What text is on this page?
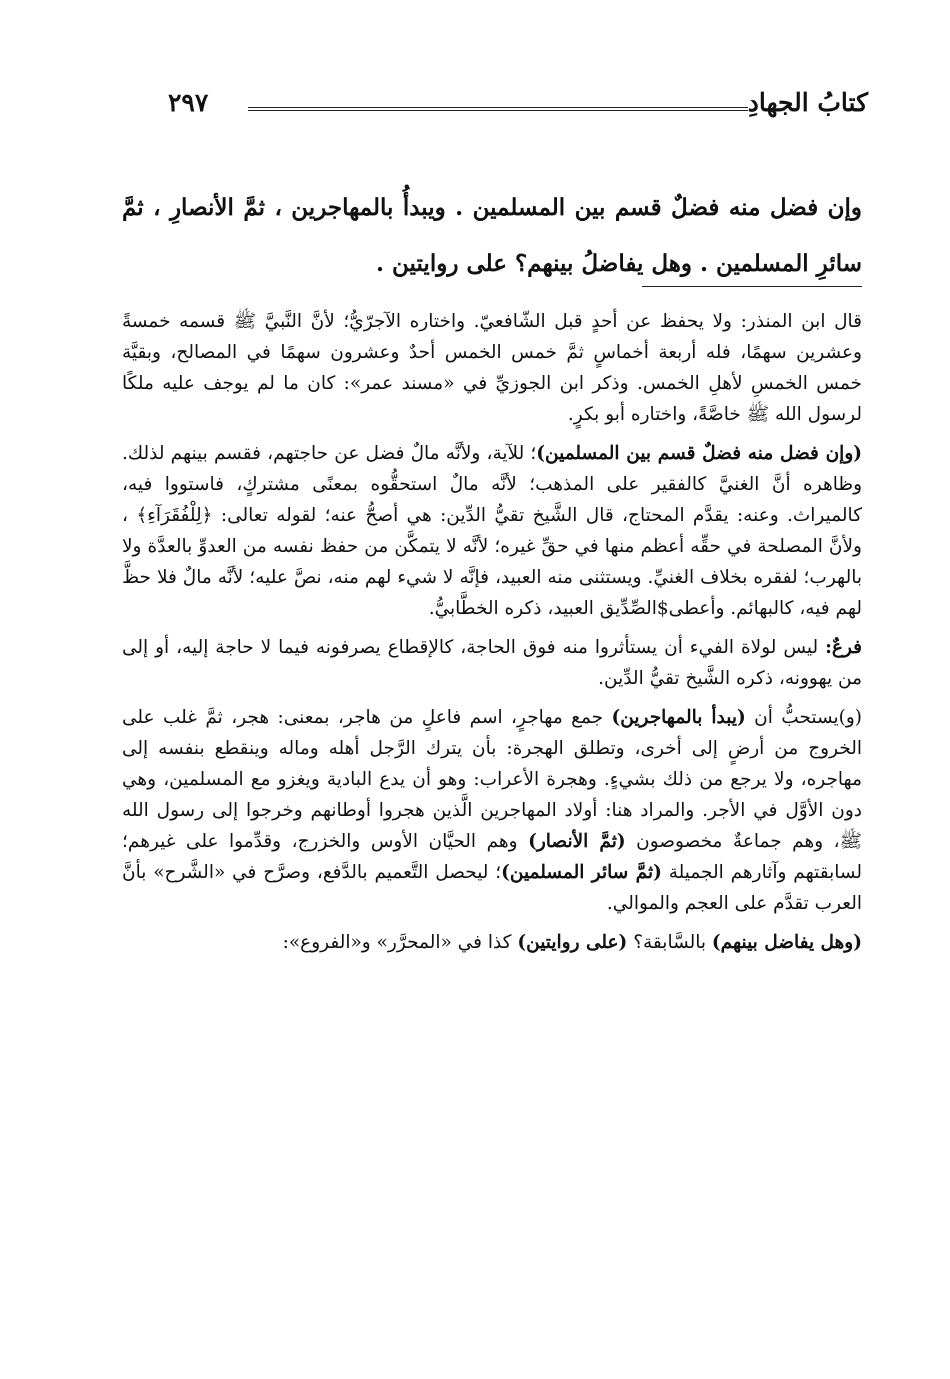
كتابُ الجهادِ
٢٩٧
وإن فضل منه فضلٌ قسم بين المسلمين . ويبدأُ بالمهاجرين ، ثمَّ الأنصارِ ، ثمَّ سائرِ المسلمين . وهل يفاضلُ بينهم؟ على روايتين .

قال ابن المنذر: ولا يحفظ عن أحدٍ قبل الشّافعيّ. واختاره الآجرّيُّ؛ لأنَّ النَّبيَّ ﷺ قسمه خمسةً وعشرين سهمًا، فله أربعة أخماسٍ ثمَّ خمس الخمس أحدٌ وعشرون سهمًا في المصالح، وبقيَّة خمس الخمسِ لأهلِ الخمس. وذكر ابن الجوزيِّ في «مسند عمر»: كان ما لم يوجف عليه ملكًا لرسول الله ﷺ خاصَّةً، واختاره أبو بكرٍ.

(وإن فضل منه فضلٌ قسم بين المسلمين)؛ للآية، ولأنَّه مالٌ فضل عن حاجتهم، فقسم بينهم لذلك. وظاهره أنَّ الغنيَّ كالفقير على المذهب؛ لأنَّه مالٌ استحقُّوه بمعنًى مشتركٍ، فاستووا فيه، كالميراث. وعنه: يقدَّم المحتاج، قال الشَّيخ تقيُّ الدِّين: هي أصحُّ عنه؛ لقوله تعالى: ﴿لِلْفُقَرَآءِ﴾ ، ولأنَّ المصلحة في حقِّه أعظم منها في حقِّ غيره؛ لأنَّه لا يتمكَّن من حفظ نفسه من العدوِّ بالعدَّة ولا بالهرب؛ لفقره بخلاف الغنيِّ. ويستثنى منه العبيد، فإنَّه لا شيء لهم منه، نصَّ عليه؛ لأنَّه مالٌ فلا حظَّ لهم فيه، كالبهائم. وأعطى$الصِّدِّيق العبيد، ذكره الخطَّابيُّ.

فرعٌ: ليس لولاة الفيء أن يستأثروا منه فوق الحاجة، كالإقطاع يصرفونه فيما لا حاجة إليه، أو إلى من يهوونه، ذكره الشَّيخ تقيُّ الدِّين.

(و)يستحبُّ أن (يبدأ بالمهاجرين) جمع مهاجرٍ، اسم فاعلٍ من هاجر، بمعنى: هجر، ثمَّ غلب على الخروج من أرضٍ إلى أخرى، وتطلق الهجرة: بأن يترك الرَّجل أهله وماله وينقطع بنفسه إلى مهاجره، ولا يرجع من ذلك بشيءٍ. وهجرة الأعراب: وهو أن يدع البادية ويغزو مع المسلمين، وهي دون الأوَّل في الأجر. والمراد هنا: أولاد المهاجرين الَّذين هجروا أوطانهم وخرجوا إلى رسول الله ﷺ، وهم جماعةٌ مخصوصون (ثمَّ الأنصار) وهم الحيَّان الأوس والخزرج، وقدِّموا على غيرهم؛ لسابقتهم وآثارهم الجميلة (ثمَّ سائر المسلمين)؛ ليحصل التَّعميم بالدَّفع، وصرَّح في «الشَّرح» بأنَّ العرب تقدَّم على العجم والموالي.

(وهل يفاضل بينهم) بالسَّابقة؟ (على روايتين) كذا في «المحرَّر» و«الفروع»:
